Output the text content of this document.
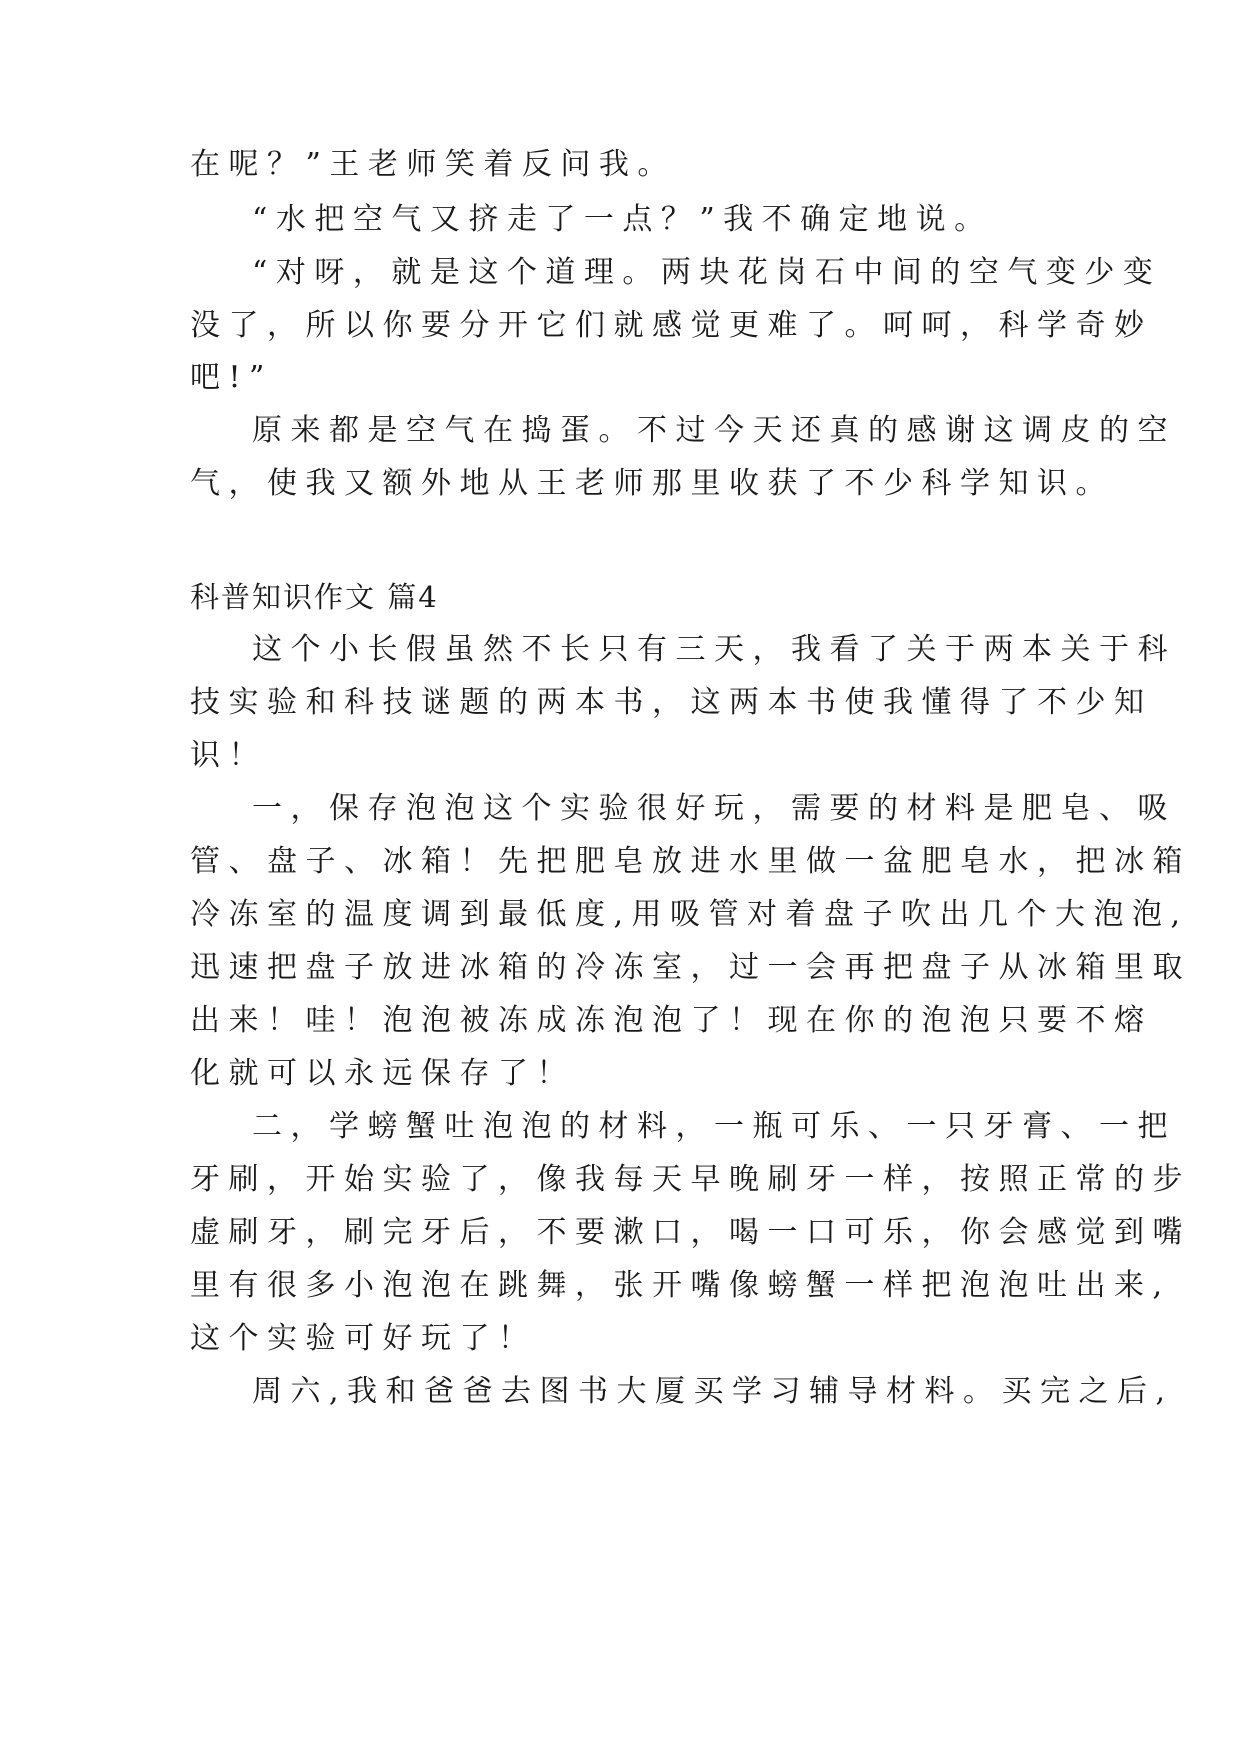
在呢？”王老师笑着反问我。
“水把空气又挤走了一点？”我不确定地说。
“对呀，就是这个道理。两块花岗石中间的空气变少变
没了，所以你要分开它们就感觉更难了。呵呵，科学奇妙
吧!”
原来都是空气在捣蛋。不过今天还真的感谢这调皮的空
气，使我又额外地从王老师那里收获了不少科学知识。
科普知识作文 篇4
这个小长假虽然不长只有三天，我看了关于两本关于科
技实验和科技谜题的两本书，这两本书使我懂得了不少知
识！
一，保存泡泡这个实验很好玩，需要的材料是肥皂、吸
管、盘子、冰箱！先把肥皂放进水里做一盆肥皂水，把冰箱
冷冻室的温度调到最低度,用吸管对着盘子吹出几个大泡泡,
迅速把盘子放进冰箱的冷冻室，过一会再把盘子从冰箱里取
出来！哇！泡泡被冻成冻泡泡了！现在你的泡泡只要不熔
化就可以永远保存了！
二，学螃蟹吐泡泡的材料，一瓶可乐、一只牙膏、一把
牙刷，开始实验了，像我每天早晚刷牙一样，按照正常的步
虚刷牙，刷完牙后，不要漱口，喝一口可乐，你会感觉到嘴
里有很多小泡泡在跳舞，张开嘴像螃蟹一样把泡泡吐出来,
这个实验可好玩了！
周六,我和爸爸去图书大厦买学习辅导材料。买完之后,
